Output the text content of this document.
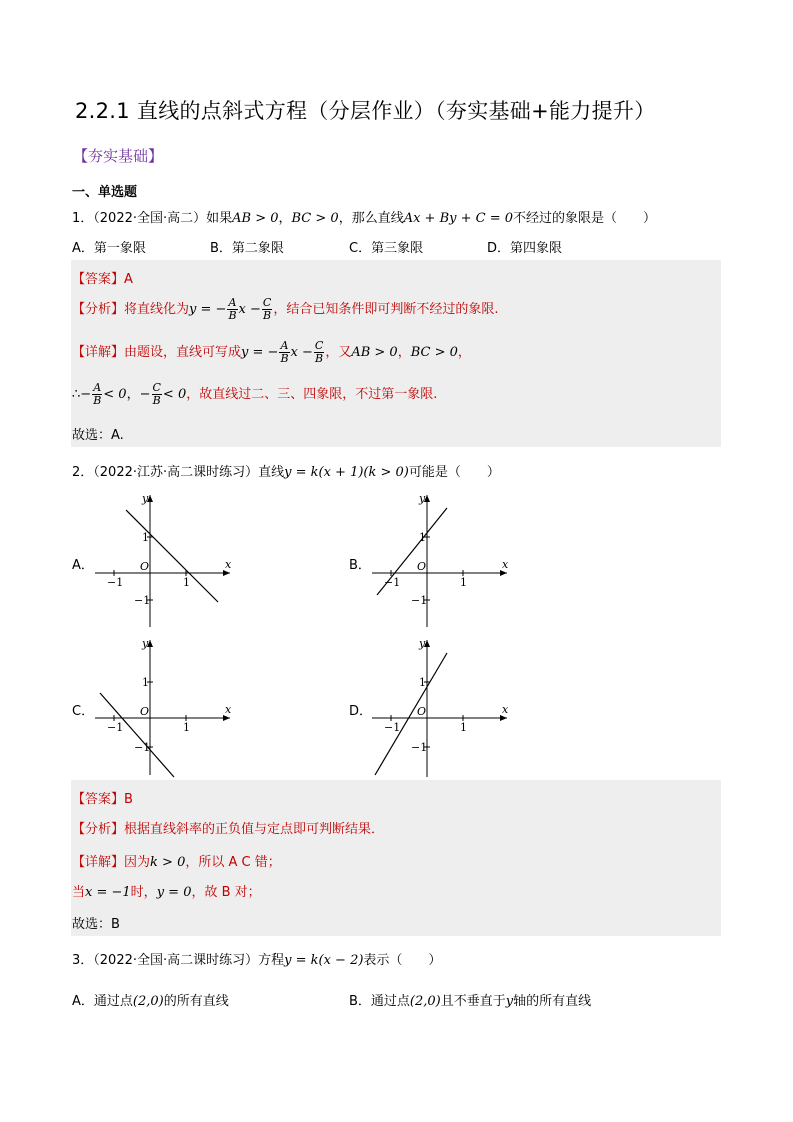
2.2.1 直线的点斜式方程（分层作业）（夯实基础+能力提升）
【夯实基础】
一、单选题
1．（2022·全国·高二）如果AB > 0，BC > 0，那么直线Ax + By + C = 0不经过的象限是（　　）
A．第一象限	B．第二象限	C．第三象限	D．第四象限
【答案】A
【分析】将直线化为y = − $\frac{A}{B}$ $x - \frac{C}{B}$ ，结合已知条件即可判断不经过的象限.
【详解】由题设，直线可写成y = − $\frac{A}{B}$ $x - \frac{C}{B}$ ，又AB > 0，BC > 0，
∴− $\frac{A}{B} < 0$，− $\frac{C}{B} < 0$，故直线过二、三、四象限，不过第一象限.
故选：A.
2．（2022·江苏·高二课时练习）直线y = k(x + 1)(k > 0)可能是（　　）
A．	B．
C．	D．
x
y
O
1
−1
1
−1
x
y
O
1
−1
1
−1
x
y
O
1
−1
1
−1
x
y
O
1
−1
1
−1
【答案】B
【分析】根据直线斜率的正负值与定点即可判断结果．
【详解】因为k > 0，所以 A C 错；
当x = −1时，y = 0，故 B 对；
故选：B
3．（2022·全国·高二课时练习）方程y = k(x − 2)表示（　　）
A．通过点(2,0)的所有直线	B．通过点(2,0)且不垂直于y轴的所有直线
